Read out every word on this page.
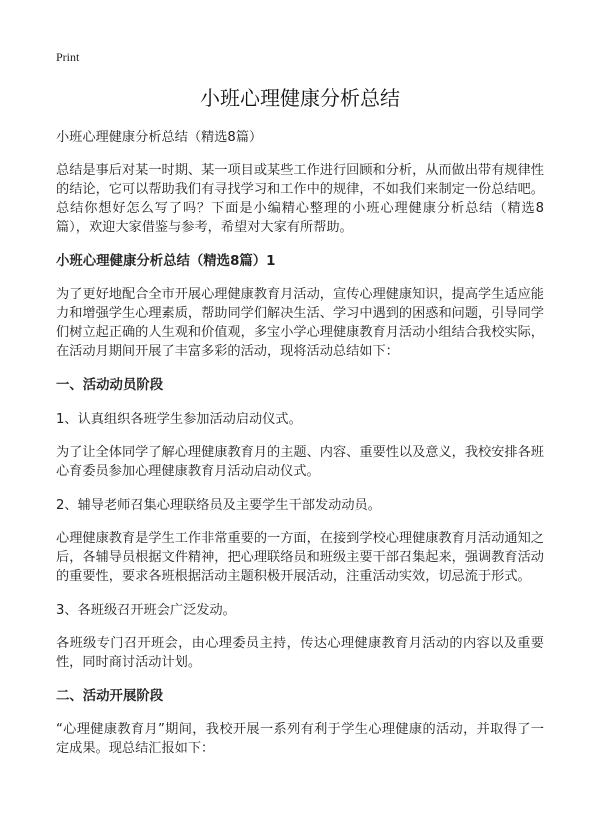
Print
小班心理健康分析总结
小班心理健康分析总结（精选8篇）

总结是事后对某一时期、某一项目或某些工作进行回顾和分析，从而做出带有规律性的结论，它可以帮助我们有寻找学习和工作中的规律，不如我们来制定一份总结吧。总结你想好怎么写了吗？下面是小编精心整理的小班心理健康分析总结（精选8篇），欢迎大家借鉴与参考，希望对大家有所帮助。

小班心理健康分析总结（精选8篇）1

为了更好地配合全市开展心理健康教育月活动，宣传心理健康知识，提高学生适应能力和增强学生心理素质，帮助同学们解决生活、学习中遇到的困惑和问题，引导同学们树立起正确的人生观和价值观，多宝小学心理健康教育月活动小组结合我校实际，在活动月期间开展了丰富多彩的活动，现将活动总结如下：

一、活动动员阶段
1、认真组织各班学生参加活动启动仪式。

为了让全体同学了解心理健康教育月的主题、内容、重要性以及意义，我校安排各班心育委员参加心理健康教育月活动启动仪式。

2、辅导老师召集心理联络员及主要学生干部发动动员。

心理健康教育是学生工作非常重要的一方面，在接到学校心理健康教育月活动通知之后，各辅导员根据文件精神，把心理联络员和班级主要干部召集起来，强调教育活动的重要性，要求各班根据活动主题积极开展活动，注重活动实效，切忌流于形式。

3、各班级召开班会广泛发动。

各班级专门召开班会，由心理委员主持，传达心理健康教育月活动的内容以及重要性，同时商讨活动计划。

二、活动开展阶段

“心理健康教育月”期间，我校开展一系列有利于学生心理健康的活动，并取得了一定成果。现总结汇报如下：
